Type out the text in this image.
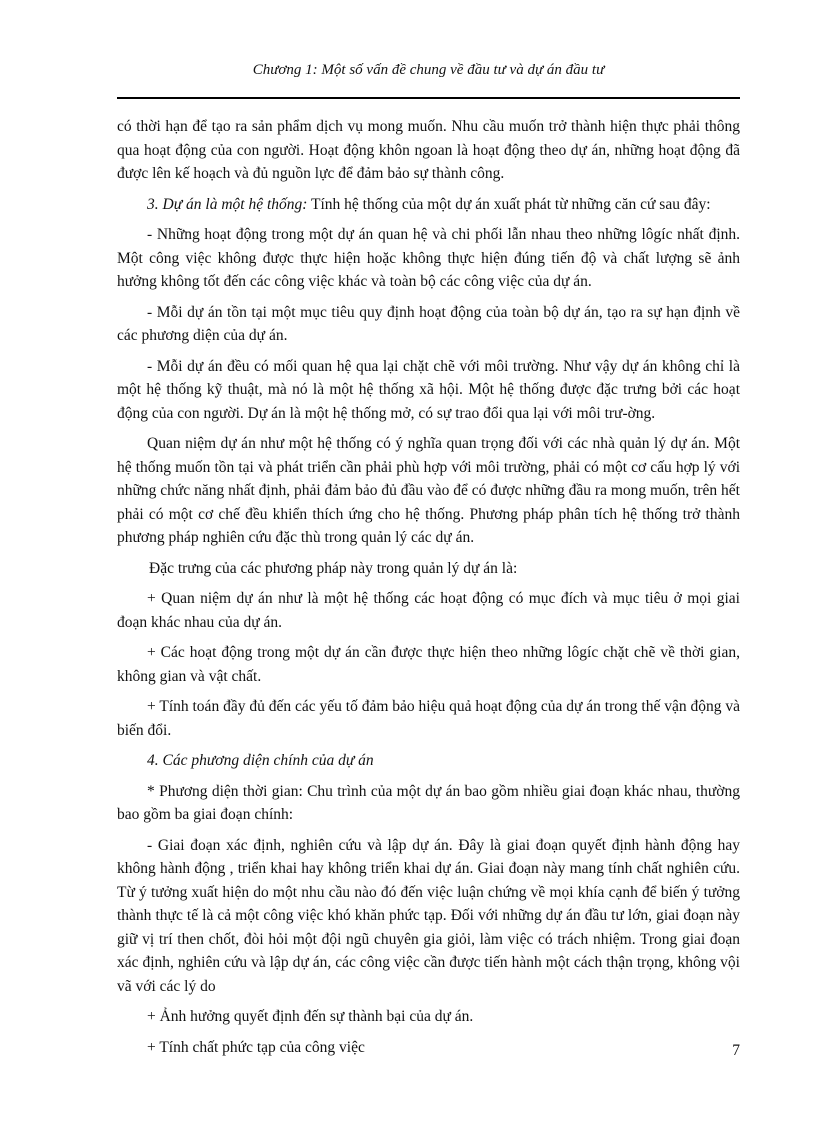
Chương 1: Một số vấn đề chung về đầu tư và dự án đầu tư

có thời hạn để tạo ra sản phẩm dịch vụ mong muốn. Nhu cầu muốn trở thành hiện thực phải thông qua hoạt động của con người. Hoạt động khôn ngoan là hoạt động theo dự án, những hoạt động đã được lên kế hoạch và đủ nguồn lực để đảm bảo sự thành công.

3. Dự án là một hệ thống: Tính hệ thống của một dự án xuất phát từ những căn cứ sau đây:

- Những hoạt động trong một dự án quan hệ và chi phối lẫn nhau theo những lôgíc nhất định. Một công việc không được thực hiện hoặc không thực hiện đúng tiến độ và chất lượng sẽ ảnh hưởng không tốt đến các công việc khác và toàn bộ các công việc của dự án.

- Mỗi dự án tồn tại một mục tiêu quy định hoạt động của toàn bộ dự án, tạo ra sự hạn định về các phương diện của dự án.

- Mỗi dự án đều có mối quan hệ qua lại chặt chẽ với môi trường. Như vậy dự án không chỉ là một hệ thống kỹ thuật, mà nó là một hệ thống xã hội. Một hệ thống được đặc trưng bởi các hoạt động của con người. Dự án là một hệ thống mở, có sự trao đổi qua lại với môi trư-ờng.

Quan niệm dự án như một hệ thống có ý nghĩa quan trọng đối với các nhà quản lý dự án. Một hệ thống muốn tồn tại và phát triển cần phải phù hợp với môi trường, phải có một cơ cấu hợp lý với những chức năng nhất định, phải đảm bảo đủ đầu vào để có được những đầu ra mong muốn, trên hết phải có một cơ chế đều khiển thích ứng cho hệ thống. Phương pháp phân tích hệ thống trở thành phương pháp nghiên cứu đặc thù trong quản lý các dự án.

Đặc trưng của các phương pháp này trong quản lý dự án là:

+ Quan niệm dự án như là một hệ thống các hoạt động có mục đích và mục tiêu ở mọi giai đoạn khác nhau của dự án.

+ Các hoạt động trong một dự án cần được thực hiện theo những lôgíc chặt chẽ về thời gian, không gian và vật chất.

+ Tính toán đầy đủ đến các yếu tố đảm bảo hiệu quả hoạt động của dự án trong thế vận động và biến đổi.

4. Các phương diện chính của dự án

* Phương diện thời gian: Chu trình của một dự án bao gồm nhiều giai đoạn khác nhau, thường bao gồm ba giai đoạn chính:

- Giai đoạn xác định, nghiên cứu và lập dự án. Đây là giai đoạn quyết định hành động hay không hành động , triển khai hay không triển khai dự án. Giai đoạn này mang tính chất nghiên cứu. Từ ý tưởng xuất hiện do một nhu cầu nào đó đến việc luận chứng về mọi khía cạnh để biến ý tưởng thành thực tế là cả một công việc khó khăn phức tạp. Đối với những dự án đầu tư lớn, giai đoạn này giữ vị trí then chốt, đòi hỏi một đội ngũ chuyên gia giỏi, làm việc có trách nhiệm. Trong giai đoạn xác định, nghiên cứu và lập dự án, các công việc cần được tiến hành một cách thận trọng, không vội vã với các lý do

+ Ảnh hưởng quyết định đến sự thành bại của dự án.

+ Tính chất phức tạp của công việc	7
